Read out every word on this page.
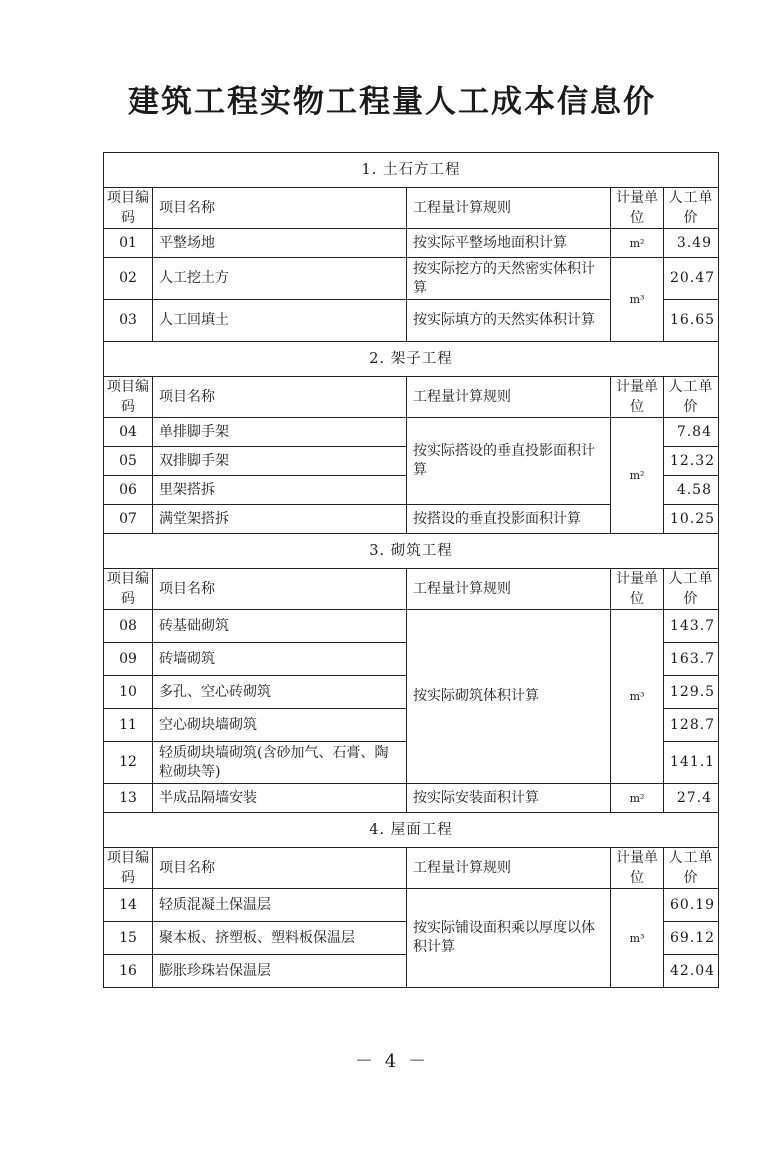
建筑工程实物工程量人工成本信息价
1. 土石方工程				
项目编码	项目名称	工程量计算规则	计量单位	人工单价
01	平整场地	按实际平整场地面积计算	m²	3.49
02	人工挖土方	按实际挖方的天然密实体积计算	m³	20.47
03	人工回填土	按实际填方的天然实体积计算		16.65
2. 架子工程				
项目编码	项目名称	工程量计算规则	计量单位	人工单价
04	单排脚手架	按实际搭设的垂直投影面积计算	m²	7.84
05	双排脚手架			12.32
06	里架搭拆			4.58
07	满堂架搭拆	按搭设的垂直投影面积计算		10.25
3. 砌筑工程				
项目编码	项目名称	工程量计算规则	计量单位	人工单价
08	砖基础砌筑	按实际砌筑体积计算	m³	143.7
09	砖墙砌筑			163.7
10	多孔、空心砖砌筑			129.5
11	空心砌块墙砌筑			128.7
12	轻质砌块墙砌筑(含砂加气、石膏、陶粒砌块等)			141.1
13	半成品隔墙安装	按实际安装面积计算	m²	27.4
4. 屋面工程				
项目编码	项目名称	工程量计算规则	计量单位	人工单价
14	轻质混凝土保温层	按实际铺设面积乘以厚度以体积计算	m³	60.19
15	聚本板、挤塑板、塑料板保温层			69.12
16	膨胀珍珠岩保温层			42.04
－ 4 －
